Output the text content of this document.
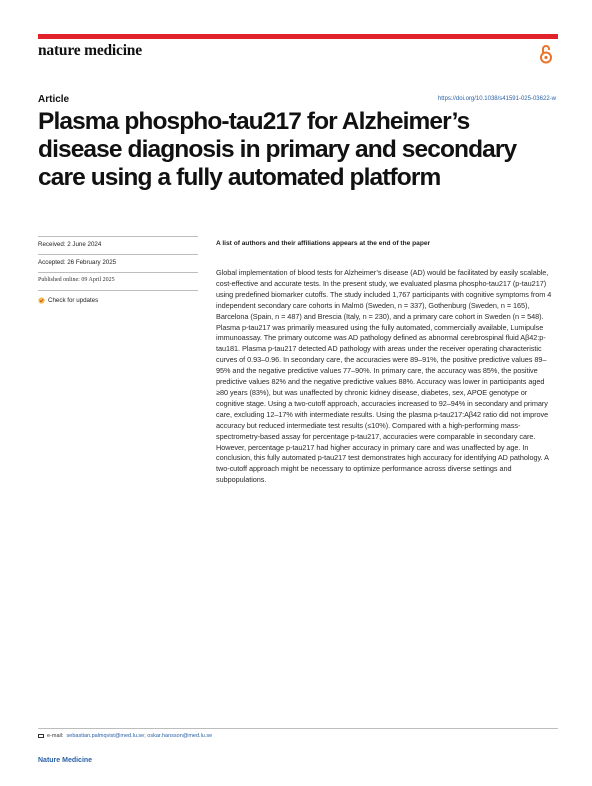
nature medicine
Article	https://doi.org/10.1038/s41591-025-03622-w
Plasma phospho-tau217 for Alzheimer’s disease diagnosis in primary and secondary care using a fully automated platform
Received: 2 June 2024
Accepted: 26 February 2025
Published online: 09 April 2025
Check for updates
A list of authors and their affiliations appears at the end of the paper

Global implementation of blood tests for Alzheimer’s disease (AD) would be facilitated by easily scalable, cost-effective and accurate tests. In the present study, we evaluated plasma phospho-tau217 (p-tau217) using predefined biomarker cutoffs. The study included 1,767 participants with cognitive symptoms from 4 independent secondary care cohorts in Malmö (Sweden, n = 337), Gothenburg (Sweden, n = 165), Barcelona (Spain, n = 487) and Brescia (Italy, n = 230), and a primary care cohort in Sweden (n = 548). Plasma p-tau217 was primarily measured using the fully automated, commercially available, Lumipulse immunoassay. The primary outcome was AD pathology defined as abnormal cerebrospinal fluid Aβ42:p-tau181. Plasma p-tau217 detected AD pathology with areas under the receiver operating characteristic curves of 0.93–0.96. In secondary care, the accuracies were 89–91%, the positive predictive values 89–95% and the negative predictive values 77–90%. In primary care, the accuracy was 85%, the positive predictive values 82% and the negative predictive values 88%. Accuracy was lower in participants aged ≥80 years (83%), but was unaffected by chronic kidney disease, diabetes, sex, APOE genotype or cognitive stage. Using a two-cutoff approach, accuracies increased to 92–94% in secondary and primary care, excluding 12–17% with intermediate results. Using the plasma p-tau217:Aβ42 ratio did not improve accuracy but reduced intermediate test results (≤10%). Compared with a high-performing mass-spectrometry-based assay for percentage p-tau217, accuracies were comparable in secondary care. However, percentage p-tau217 had higher accuracy in primary care and was unaffected by age. In conclusion, this fully automated p-tau217 test demonstrates high accuracy for identifying AD pathology. A two-cutoff approach might be necessary to optimize performance across diverse settings and subpopulations.

e-mail: sebastian.palmqvist@med.lu.se; oskar.hansson@med.lu.se
Nature Medicine
